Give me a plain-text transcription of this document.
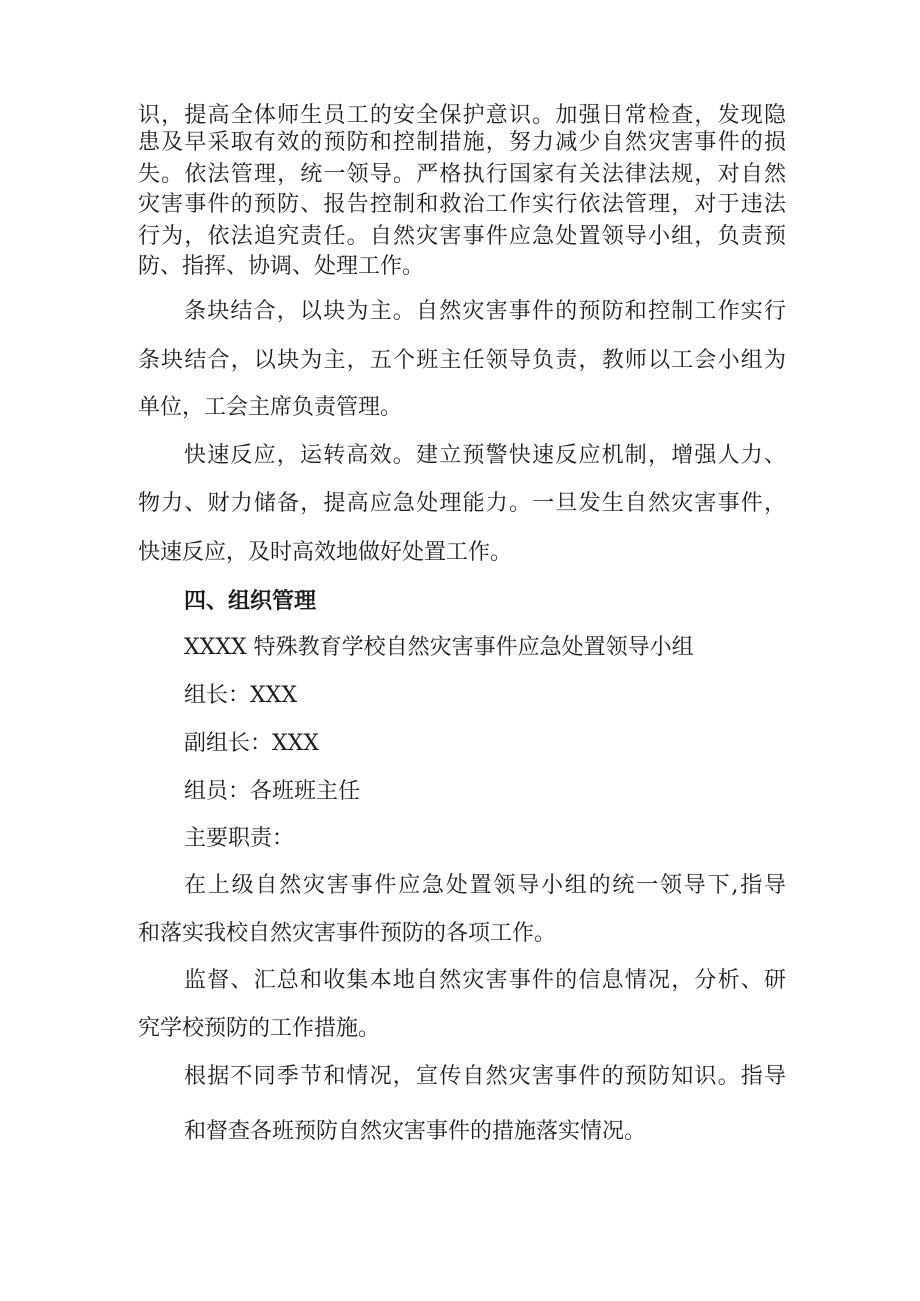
识，提高全体师生员工的安全保护意识。加强日常检查，发现隐
患及早采取有效的预防和控制措施，努力减少自然灾害事件的损
失。依法管理，统一领导。严格执行国家有关法律法规，对自然
灾害事件的预防、报告控制和救治工作实行依法管理，对于违法
行为，依法追究责任。自然灾害事件应急处置领导小组，负责预
防、指挥、协调、处理工作。
条块结合，以块为主。自然灾害事件的预防和控制工作实行
条块结合，以块为主，五个班主任领导负责，教师以工会小组为
单位，工会主席负责管理。
快速反应，运转高效。建立预警快速反应机制，增强人力、
物力、财力储备，提高应急处理能力。一旦发生自然灾害事件，
快速反应，及时高效地做好处置工作。
四、组织管理
XXXX 特殊教育学校自然灾害事件应急处置领导小组
组长：XXX
副组长：XXX
组员：各班班主任
主要职责：
在上级自然灾害事件应急处置领导小组的统一领导下,指导
和落实我校自然灾害事件预防的各项工作。
监督、汇总和收集本地自然灾害事件的信息情况，分析、研
究学校预防的工作措施。
根据不同季节和情况，宣传自然灾害事件的预防知识。指导
和督查各班预防自然灾害事件的措施落实情况。
